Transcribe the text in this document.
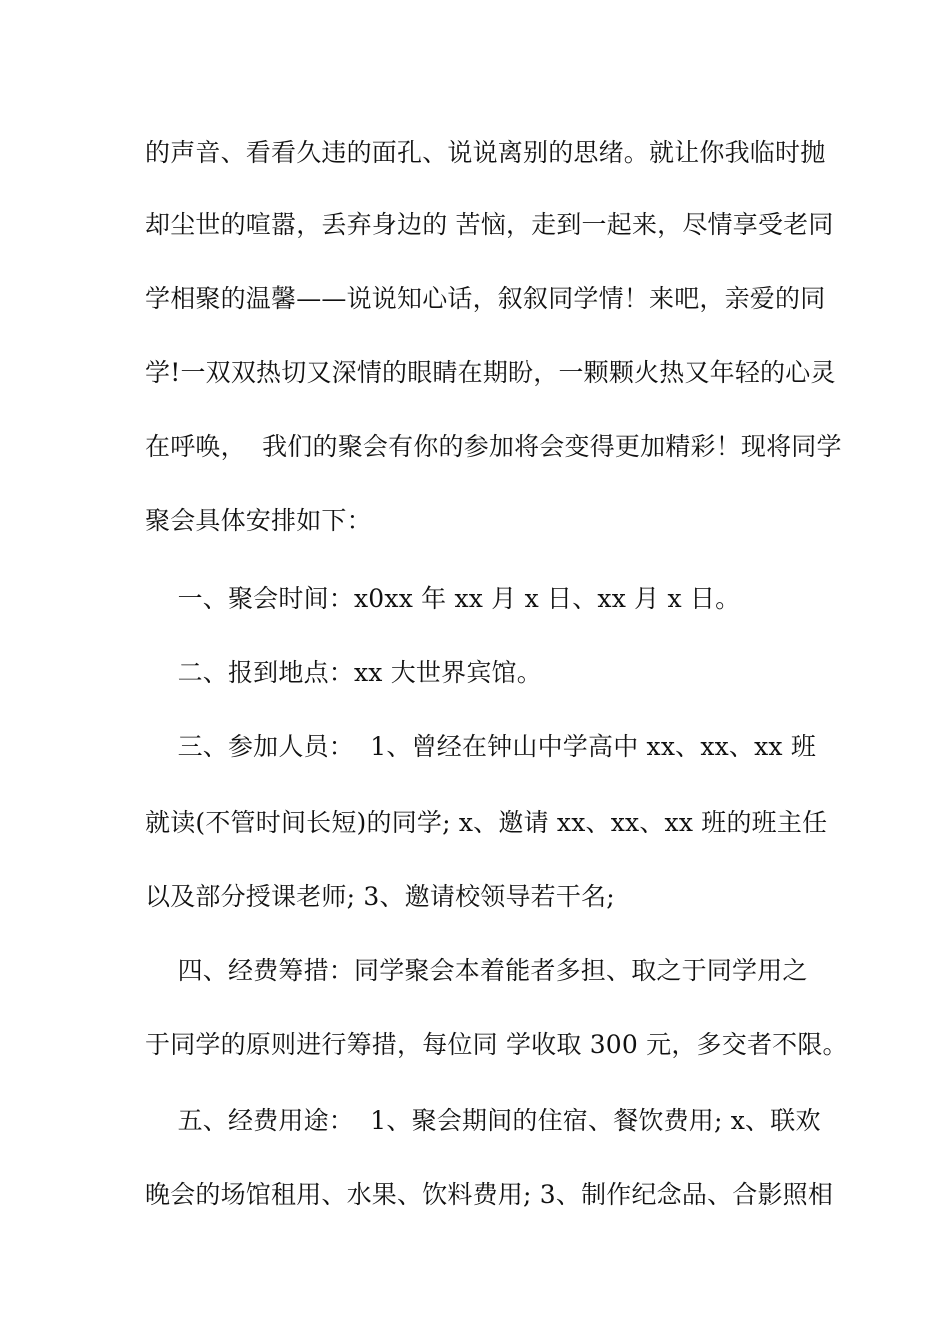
的声音、看看久违的面孔、说说离别的思绪。就让你我临时抛
却尘世的喧嚣，丢弃身边的 苦恼，走到一起来，尽情享受老同
学相聚的温馨——说说知心话，叙叙同学情！来吧，亲爱的同
学!一双双热切又深情的眼睛在期盼，一颗颗火热又年轻的心灵
在呼唤，  我们的聚会有你的参加将会变得更加精彩！现将同学
聚会具体安排如下：
一、聚会时间：x0xx 年 xx 月 x 日、xx 月 x 日。
二、报到地点：xx 大世界宾馆。
三、参加人员：  1、曾经在钟山中学高中 xx、xx、xx 班
就读(不管时间长短)的同学; x、邀请 xx、xx、xx 班的班主任
以及部分授课老师; 3、邀请校领导若干名;
四、经费筹措：同学聚会本着能者多担、取之于同学用之
于同学的原则进行筹措，每位同 学收取 300 元，多交者不限。
五、经费用途：  1、聚会期间的住宿、餐饮费用; x、联欢
晚会的场馆租用、水果、饮料费用; 3、制作纪念品、合影照相
